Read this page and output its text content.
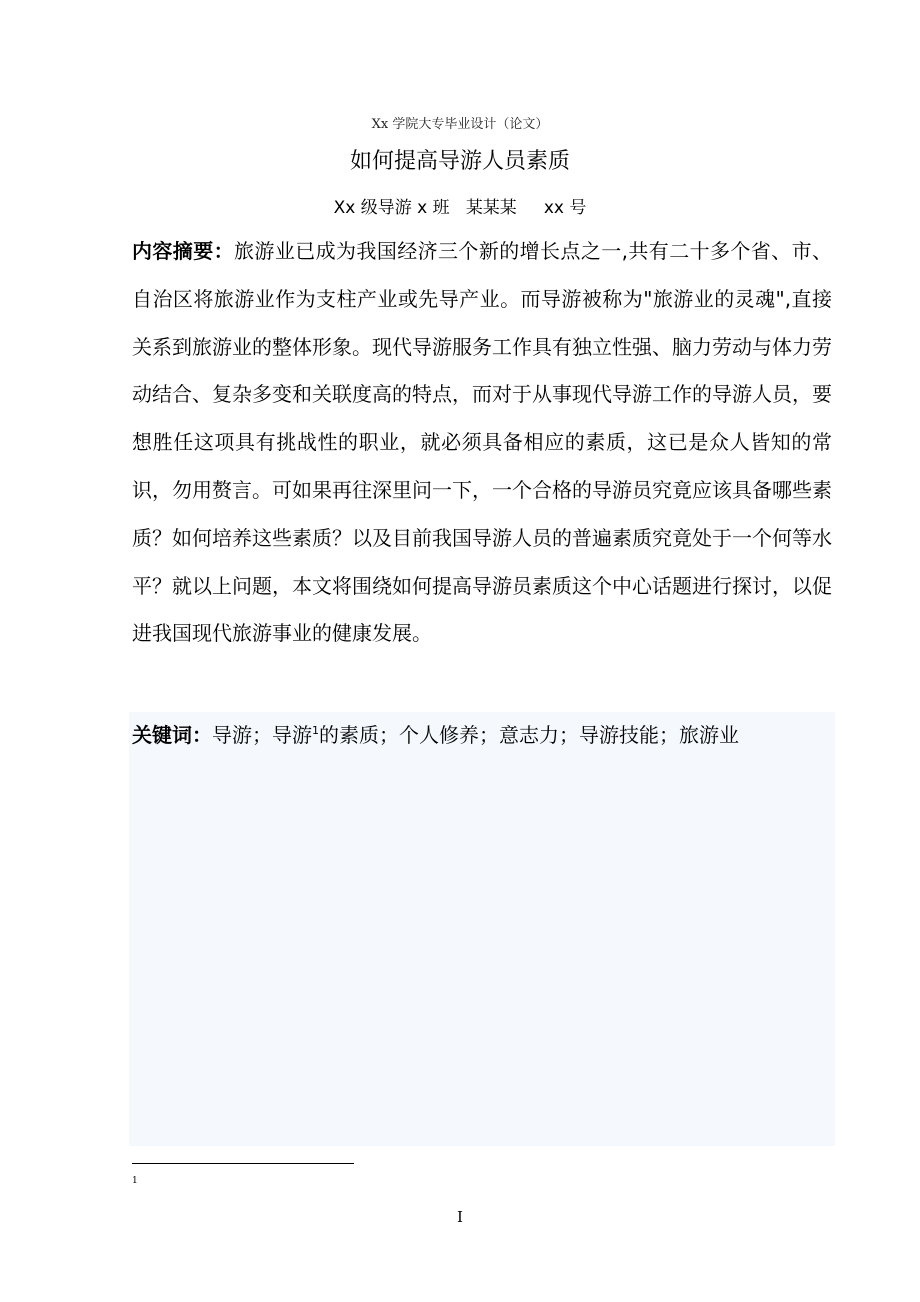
Xx 学院大专毕业设计（论文）
如何提高导游人员素质
Xx 级导游 x 班 某某某 xx 号
内容摘要：旅游业已成为我国经济三个新的增长点之一,共有二十多个省、市、自治区将旅游业作为支柱产业或先导产业。而导游被称为"旅游业的灵魂",直接关系到旅游业的整体形象。现代导游服务工作具有独立性强、脑力劳动与体力劳动结合、复杂多变和关联度高的特点，而对于从事现代导游工作的导游人员，要想胜任这项具有挑战性的职业，就必须具备相应的素质，这已是众人皆知的常识，勿用赘言。可如果再往深里问一下，一个合格的导游员究竟应该具备哪些素质？如何培养这些素质？以及目前我国导游人员的普遍素质究竟处于一个何等水平？就以上问题，本文将围绕如何提高导游员素质这个中心话题进行探讨，以促进我国现代旅游事业的健康发展。
关键词：导游；导游$^1$的素质；个人修养；意志力；导游技能；旅游业
1
I
